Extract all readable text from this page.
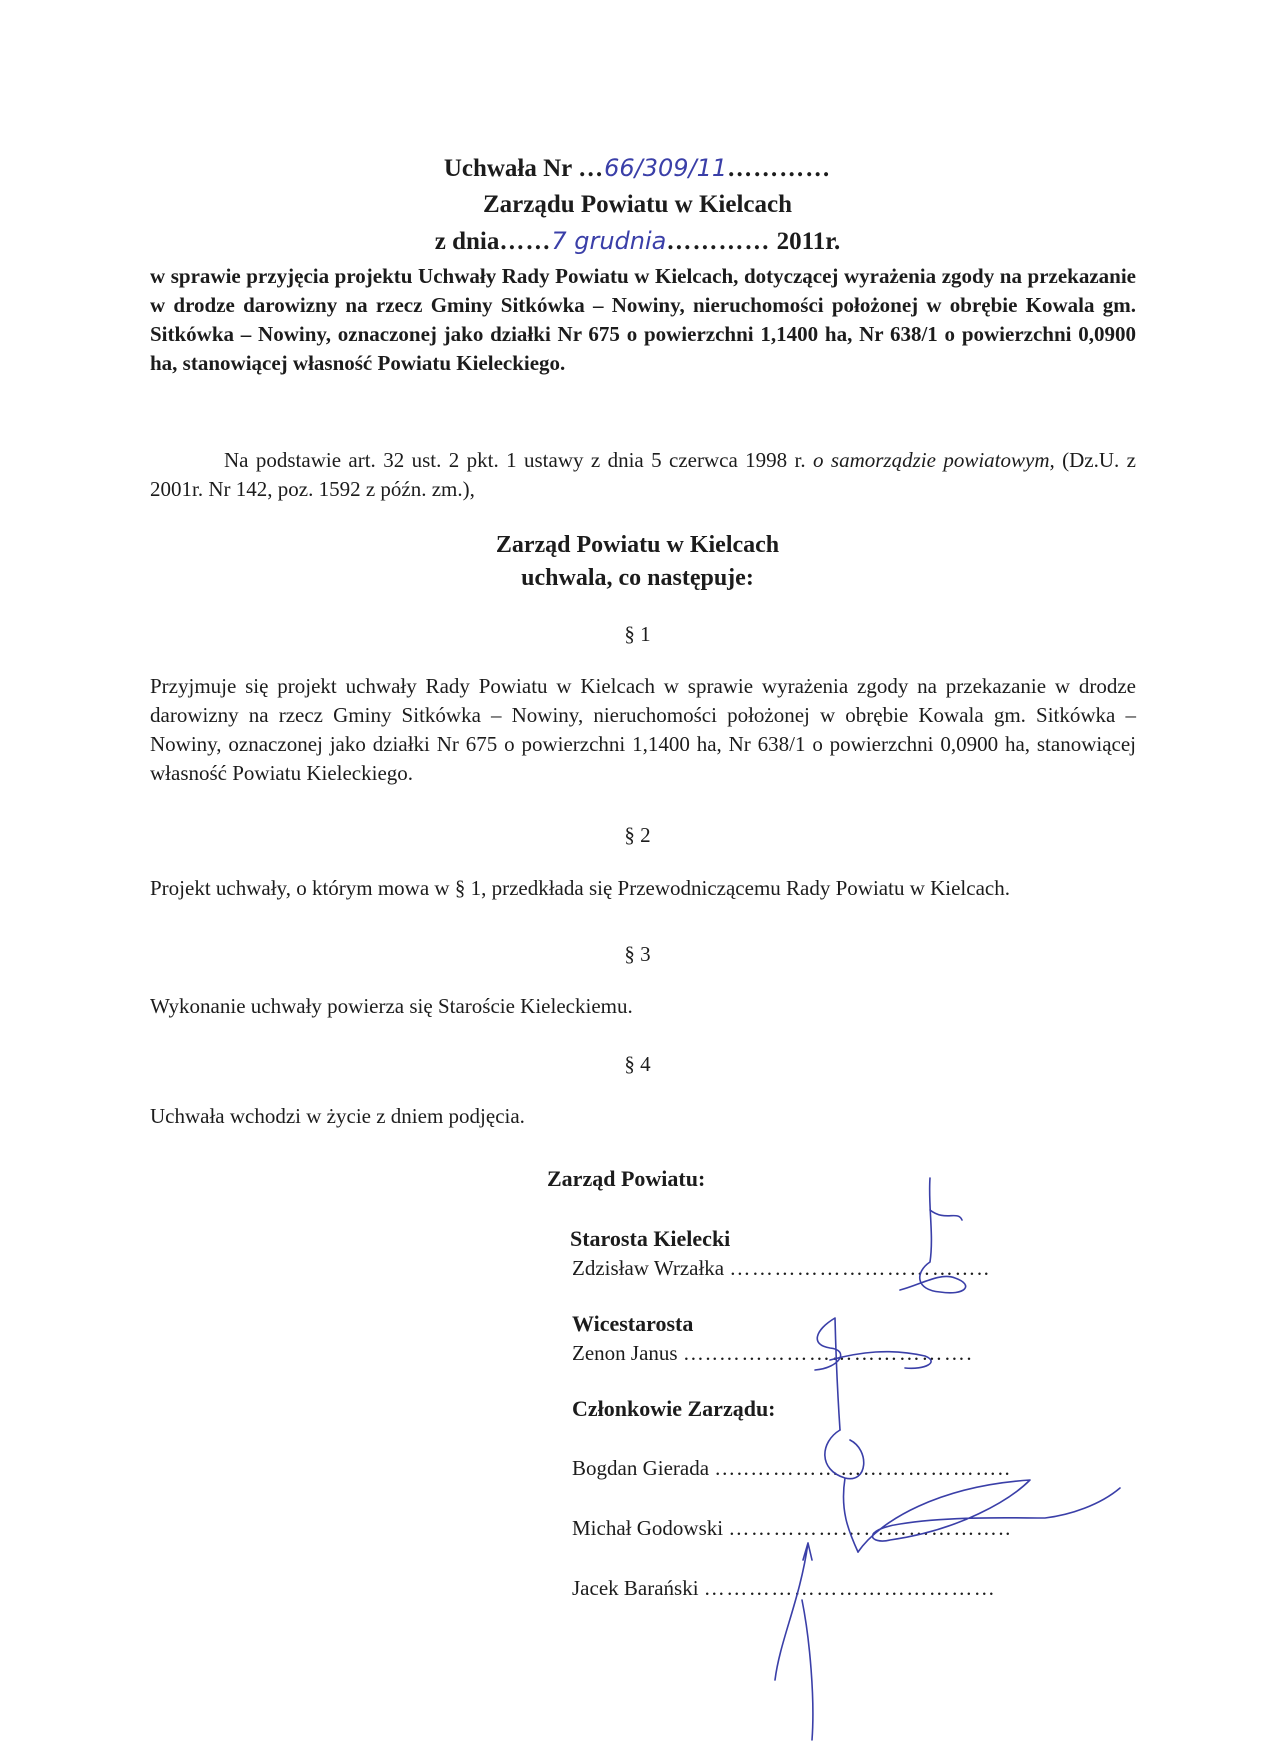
Uchwała Nr …66/309/11…………
Zarządu Powiatu w Kielcach
z dnia……7 grudnia………… 2011r.
w sprawie przyjęcia projektu Uchwały Rady Powiatu w Kielcach, dotyczącej wyrażenia zgody na przekazanie w drodze darowizny na rzecz Gminy Sitkówka – Nowiny, nieruchomości położonej w obrębie Kowala gm. Sitkówka – Nowiny, oznaczonej jako działki Nr 675 o powierzchni 1,1400 ha, Nr 638/1 o powierzchni 0,0900 ha, stanowiącej własność Powiatu Kieleckiego.
Na podstawie art. 32 ust. 2 pkt. 1 ustawy z dnia 5 czerwca 1998 r. o samorządzie powiatowym, (Dz.U. z 2001r. Nr 142, poz. 1592 z późn. zm.),
Zarząd Powiatu w Kielcach
uchwala, co następuje:
§ 1
Przyjmuje się projekt uchwały Rady Powiatu w Kielcach w sprawie wyrażenia zgody na przekazanie w drodze darowizny na rzecz Gminy Sitkówka – Nowiny, nieruchomości położonej w obrębie Kowala gm. Sitkówka – Nowiny, oznaczonej jako działki Nr 675 o powierzchni 1,1400 ha, Nr 638/1 o powierzchni 0,0900 ha, stanowiącej własność Powiatu Kieleckiego.
§ 2
Projekt uchwały, o którym mowa w § 1, przedkłada się Przewodniczącemu Rady Powiatu w Kielcach.
§ 3
Wykonanie uchwały powierza się Staroście Kieleckiemu.
§ 4
Uchwała wchodzi w życie z dniem podjęcia.
Zarząd Powiatu:
Starosta Kielecki
Zdzisław Wrzałka ……………………………..
Wicestarosta
Zenon Janus …..…………………………….
Członkowie Zarządu:
Bogdan Gierada …..……………………………..
Michał Godowski ………………………………..
Jacek Barański …………………………………
